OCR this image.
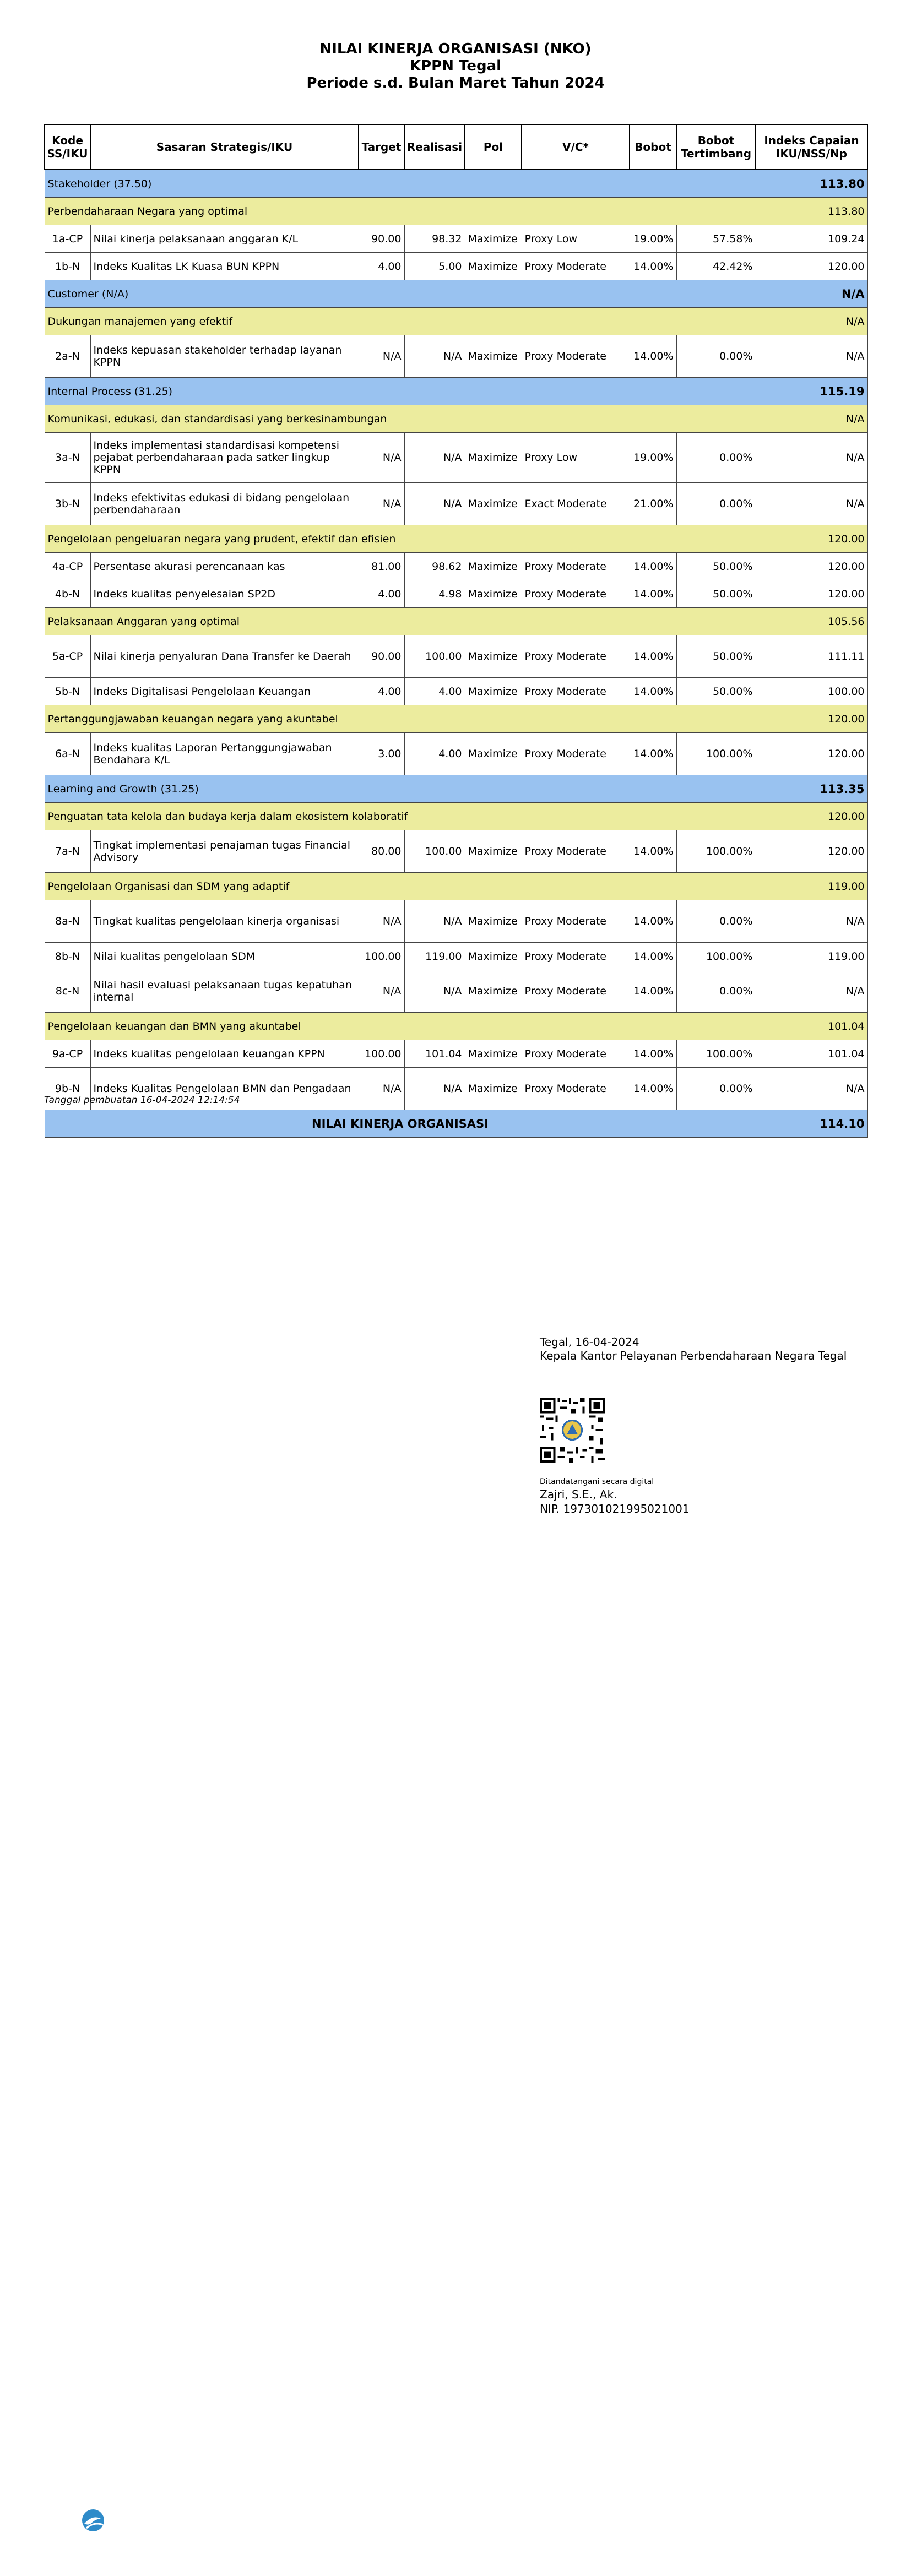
NILAI KINERJA ORGANISASI (NKO)
KPPN Tegal
Periode s.d. Bulan Maret Tahun 2024
Kode SS/IKU	Sasaran Strategis/IKU	Target	Realisasi	Pol	V/C*	Bobot	Bobot Tertimbang	Indeks Capaian IKU/NSS/Np
Stakeholder (37.50)								113.80
Perbendaharaan Negara yang optimal								113.80
1a-CP	Nilai kinerja pelaksanaan anggaran K/L	90.00	98.32	Maximize	Proxy Low	19.00%	57.58%	109.24
1b-N	Indeks Kualitas LK Kuasa BUN KPPN	4.00	5.00	Maximize	Proxy Moderate	14.00%	42.42%	120.00
Customer (N/A)								N/A
Dukungan manajemen yang efektif								N/A
2a-N	Indeks kepuasan stakeholder terhadap layanan KPPN	N/A	N/A	Maximize	Proxy Moderate	14.00%	0.00%	N/A
Internal Process (31.25)								115.19
Komunikasi, edukasi, dan standardisasi yang berkesinambungan								N/A
3a-N	Indeks implementasi standardisasi kompetensi pejabat perbendaharaan pada satker lingkup KPPN	N/A	N/A	Maximize	Proxy Low	19.00%	0.00%	N/A
3b-N	Indeks efektivitas edukasi di bidang pengelolaan perbendaharaan	N/A	N/A	Maximize	Exact Moderate	21.00%	0.00%	N/A
Pengelolaan pengeluaran negara yang prudent, efektif dan efisien								120.00
4a-CP	Persentase akurasi perencanaan kas	81.00	98.62	Maximize	Proxy Moderate	14.00%	50.00%	120.00
4b-N	Indeks kualitas penyelesaian SP2D	4.00	4.98	Maximize	Proxy Moderate	14.00%	50.00%	120.00
Pelaksanaan Anggaran yang optimal								105.56
5a-CP	Nilai kinerja penyaluran Dana Transfer ke Daerah	90.00	100.00	Maximize	Proxy Moderate	14.00%	50.00%	111.11
5b-N	Indeks Digitalisasi Pengelolaan Keuangan	4.00	4.00	Maximize	Proxy Moderate	14.00%	50.00%	100.00
Pertanggungjawaban keuangan negara yang akuntabel								120.00
6a-N	Indeks kualitas Laporan Pertanggungjawaban Bendahara K/L	3.00	4.00	Maximize	Proxy Moderate	14.00%	100.00%	120.00
Learning and Growth (31.25)								113.35
Penguatan tata kelola dan budaya kerja dalam ekosistem kolaboratif								120.00
7a-N	Tingkat implementasi penajaman tugas Financial Advisory	80.00	100.00	Maximize	Proxy Moderate	14.00%	100.00%	120.00
Pengelolaan Organisasi dan SDM yang adaptif								119.00
8a-N	Tingkat kualitas pengelolaan kinerja organisasi	N/A	N/A	Maximize	Proxy Moderate	14.00%	0.00%	N/A
8b-N	Nilai kualitas pengelolaan SDM	100.00	119.00	Maximize	Proxy Moderate	14.00%	100.00%	119.00
8c-N	Nilai hasil evaluasi pelaksanaan tugas kepatuhan internal	N/A	N/A	Maximize	Proxy Moderate	14.00%	0.00%	N/A
Pengelolaan keuangan dan BMN yang akuntabel								101.04
9a-CP	Indeks kualitas pengelolaan keuangan KPPN	100.00	101.04	Maximize	Proxy Moderate	14.00%	100.00%	101.04
9b-N	Indeks Kualitas Pengelolaan BMN dan Pengadaan	N/A	N/A	Maximize	Proxy Moderate	14.00%	0.00%	N/A
NILAI KINERJA ORGANISASI								114.10
Tanggal pembuatan 16-04-2024 12:14:54
Tegal, 16-04-2024
Kepala Kantor Pelayanan Perbendaharaan Negara Tegal
Ditandatangani secara digital
Zajri, S.E., Ak.
NIP. 197301021995021001
